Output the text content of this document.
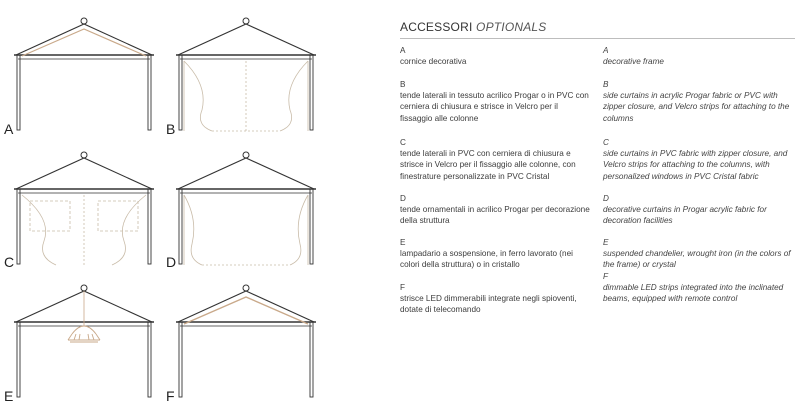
A	B
C	D
E	F
ACCESSORI OPTIONALS
A
cornice decorativa
B
tende laterali in tessuto acrilico Progar o in PVC con cerniera di chiusura e strisce in Velcro per il fissaggio alle colonne
C
tende laterali in PVC con cerniera di chiusura e strisce in Velcro per il fissaggio alle colonne, con finestrature personalizzate in PVC Cristal
D
tende ornamentali in acrilico Progar per decorazione della struttura
E
lampadario a sospensione, in ferro lavorato (nei colori della struttura) o in cristallo
F
strisce LED dimmerabili integrate negli spioventi, dotate di telecomando
A
decorative frame
B
side curtains in acrylic Progar fabric or PVC with zipper closure, and Velcro strips for attaching to the columns
C
side curtains in PVC fabric with zipper closure, and Velcro strips for attaching to the columns, with personalized windows in PVC Cristal fabric
D
decorative curtains in Progar acrylic fabric for decoration facilities
E
suspended chandelier, wrought iron (in the colors of the frame) or crystal
F
dimmable LED strips integrated into the inclinated beams, equipped with remote control
